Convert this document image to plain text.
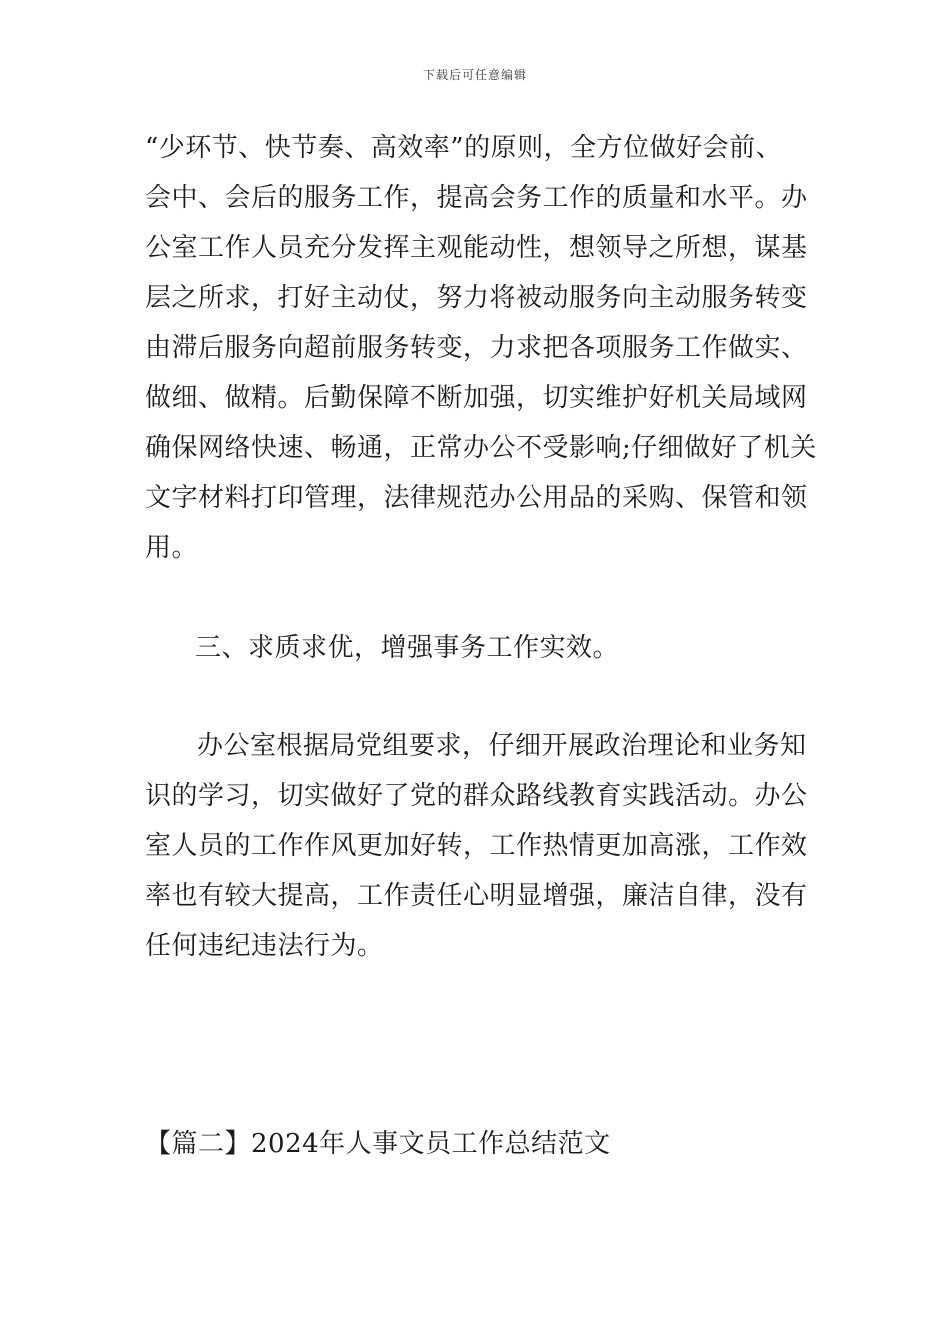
下载后可任意编辑
“少环节、快节奏、高效率”的原则，全方位做好会前、
会中、会后的服务工作，提高会务工作的质量和水平。办
公室工作人员充分发挥主观能动性，想领导之所想，谋基
层之所求，打好主动仗，努力将被动服务向主动服务转变
由滞后服务向超前服务转变，力求把各项服务工作做实、
做细、做精。后勤保障不断加强，切实维护好机关局域网
确保网络快速、畅通，正常办公不受影响;仔细做好了机关
文字材料打印管理，法律规范办公用品的采购、保管和领
用。
三、求质求优，增强事务工作实效。
办公室根据局党组要求，仔细开展政治理论和业务知
识的学习，切实做好了党的群众路线教育实践活动。办公
室人员的工作作风更加好转，工作热情更加高涨，工作效
率也有较大提高，工作责任心明显增强，廉洁自律，没有
任何违纪违法行为。
【篇二】2024年人事文员工作总结范文
